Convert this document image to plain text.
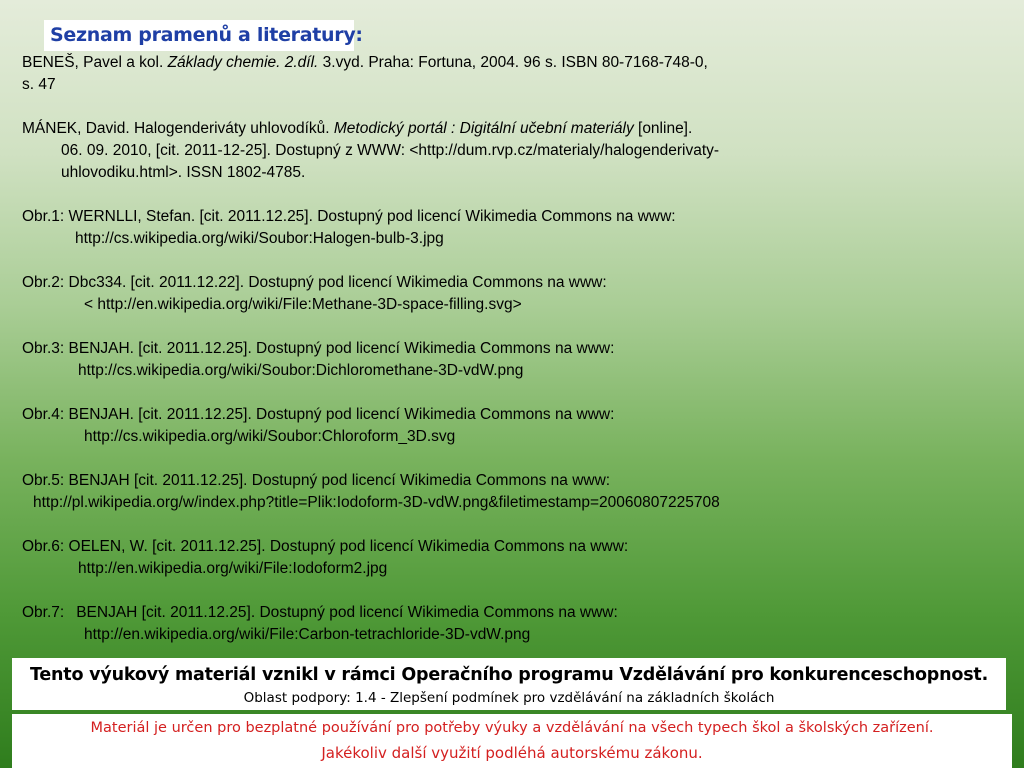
Seznam pramenů a literatury:
BENEŠ, Pavel a kol. Základy chemie. 2.díl. 3.vyd. Praha: Fortuna, 2004. 96 s. ISBN 80-7168-748-0,
s. 47
MÁNEK, David. Halogenderiváty uhlovodíků. Metodický portál : Digitální učební materiály [online].
06. 09. 2010, [cit. 2011-12-25]. Dostupný z WWW: <http://dum.rvp.cz/materialy/halogenderivaty-
uhlovodiku.html>. ISSN 1802-4785.
Obr.1: WERNLLI, Stefan. [cit. 2011.12.25]. Dostupný pod licencí Wikimedia Commons na www:
http://cs.wikipedia.org/wiki/Soubor:Halogen-bulb-3.jpg
Obr.2: Dbc334. [cit. 2011.12.22]. Dostupný pod licencí Wikimedia Commons na www:
< http://en.wikipedia.org/wiki/File:Methane-3D-space-filling.svg>
Obr.3: BENJAH. [cit. 2011.12.25]. Dostupný pod licencí Wikimedia Commons na www:
http://cs.wikipedia.org/wiki/Soubor:Dichloromethane-3D-vdW.png
Obr.4: BENJAH. [cit. 2011.12.25]. Dostupný pod licencí Wikimedia Commons na www:
http://cs.wikipedia.org/wiki/Soubor:Chloroform_3D.svg
Obr.5: BENJAH [cit. 2011.12.25]. Dostupný pod licencí Wikimedia Commons na www:
http://pl.wikipedia.org/w/index.php?title=Plik:Iodoform-3D-vdW.png&filetimestamp=20060807225708
Obr.6: OELEN, W. [cit. 2011.12.25]. Dostupný pod licencí Wikimedia Commons na www:
http://en.wikipedia.org/wiki/File:Iodoform2.jpg
Obr.7: BENJAH [cit. 2011.12.25]. Dostupný pod licencí Wikimedia Commons na www:
http://en.wikipedia.org/wiki/File:Carbon-tetrachloride-3D-vdW.png
Tento výukový materiál vznikl v rámci Operačního programu Vzdělávání pro konkurenceschopnost.
Oblast podpory: 1.4 - Zlepšení podmínek pro vzdělávání na základních školách
Materiál je určen pro bezplatné používání pro potřeby výuky a vzdělávání na všech typech škol a školských zařízení.
Jakékoliv další využití podléhá autorskému zákonu.
